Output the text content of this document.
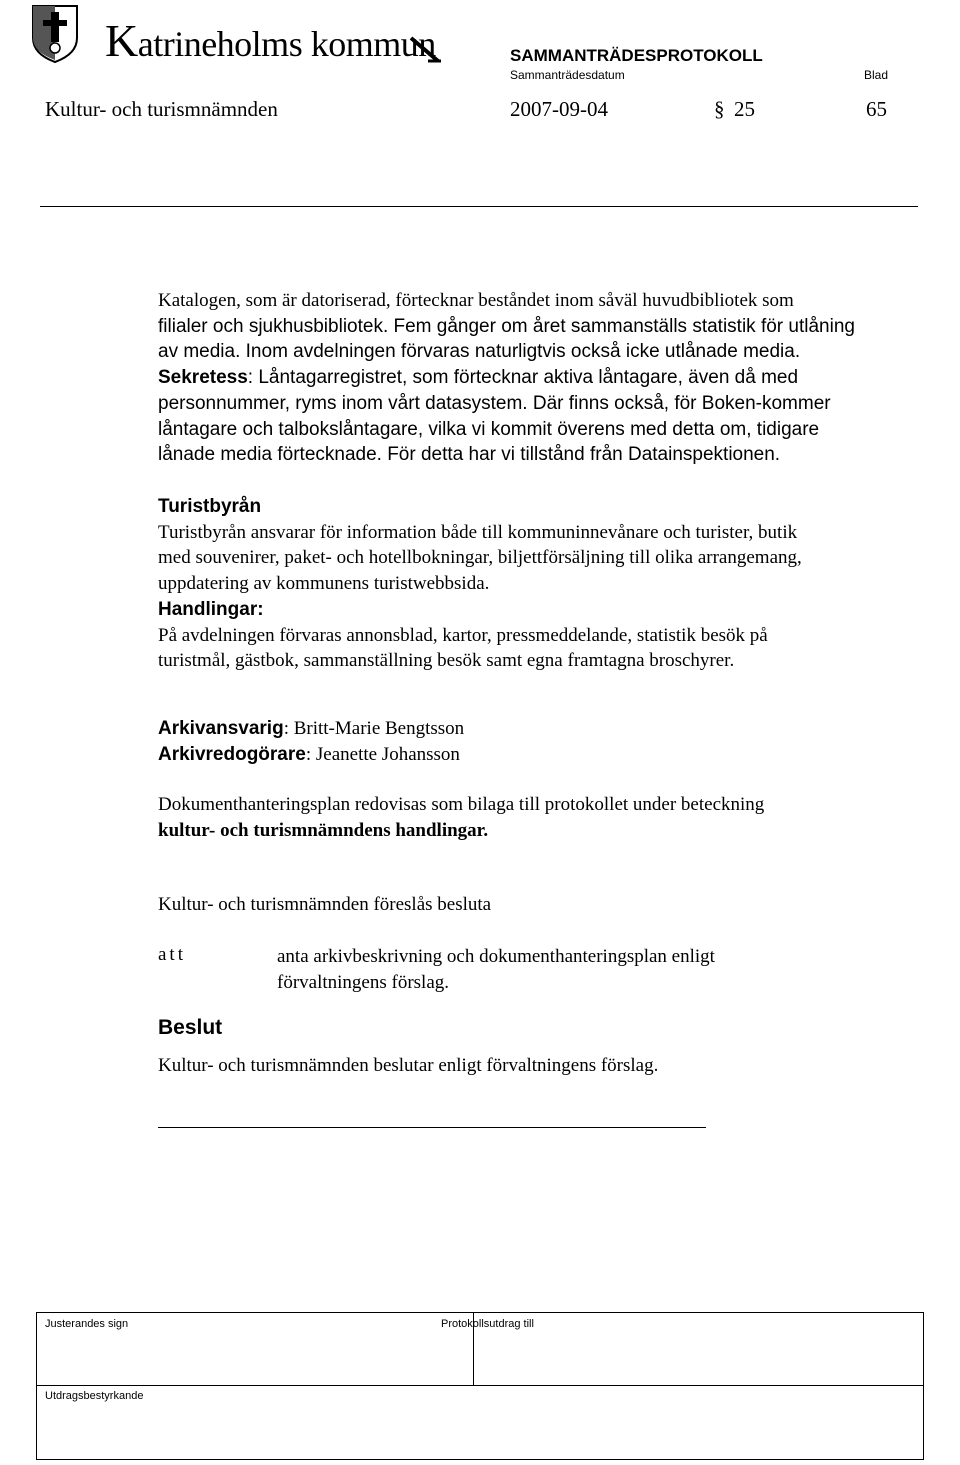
Katrineholms kommun	SAMMANTRÄDESPROTOKOLL
Sammanträdesdatum	Blad
Kultur- och turismnämnden	2007-09-04	§ 25	65
Katalogen, som är datoriserad, förtecknar beståndet inom såväl huvudbibliotek som
filialer och sjukhusbibliotek. Fem gånger om året sammanställs statistik för utlåning
av media. Inom avdelningen förvaras naturligtvis också icke utlånade media.
Sekretess: Låntagarregistret, som förtecknar aktiva låntagare, även då med
personnummer, ryms inom vårt datasystem. Där finns också, för Boken-kommer
låntagare och talbokslåntagare, vilka vi kommit överens med detta om, tidigare
lånade media förtecknade. För detta har vi tillstånd från Datainspektionen.
Turistbyrån
Turistbyrån ansvarar för information både till kommuninnevånare och turister, butik
med souvenirer, paket- och hotellbokningar, biljettförsäljning till olika arrangemang,
uppdatering av kommunens turistwebbsida.
Handlingar:
På avdelningen förvaras annonsblad, kartor, pressmeddelande, statistik besök på
turistmål, gästbok, sammanställning besök samt egna framtagna broschyrer.
Arkivansvarig: Britt-Marie Bengtsson
Arkivredogörare: Jeanette Johansson
Dokumenthanteringsplan redovisas som bilaga till protokollet under beteckning
kultur- och turismnämndens handlingar.
Kultur- och turismnämnden föreslås besluta
att	anta arkivbeskrivning och dokumenthanteringsplan enligt
förvaltningens förslag.
Beslut
Kultur- och turismnämnden beslutar enligt förvaltningens förslag.
Justerandes sign	Protokollsutdrag till
Utdragsbestyrkande
